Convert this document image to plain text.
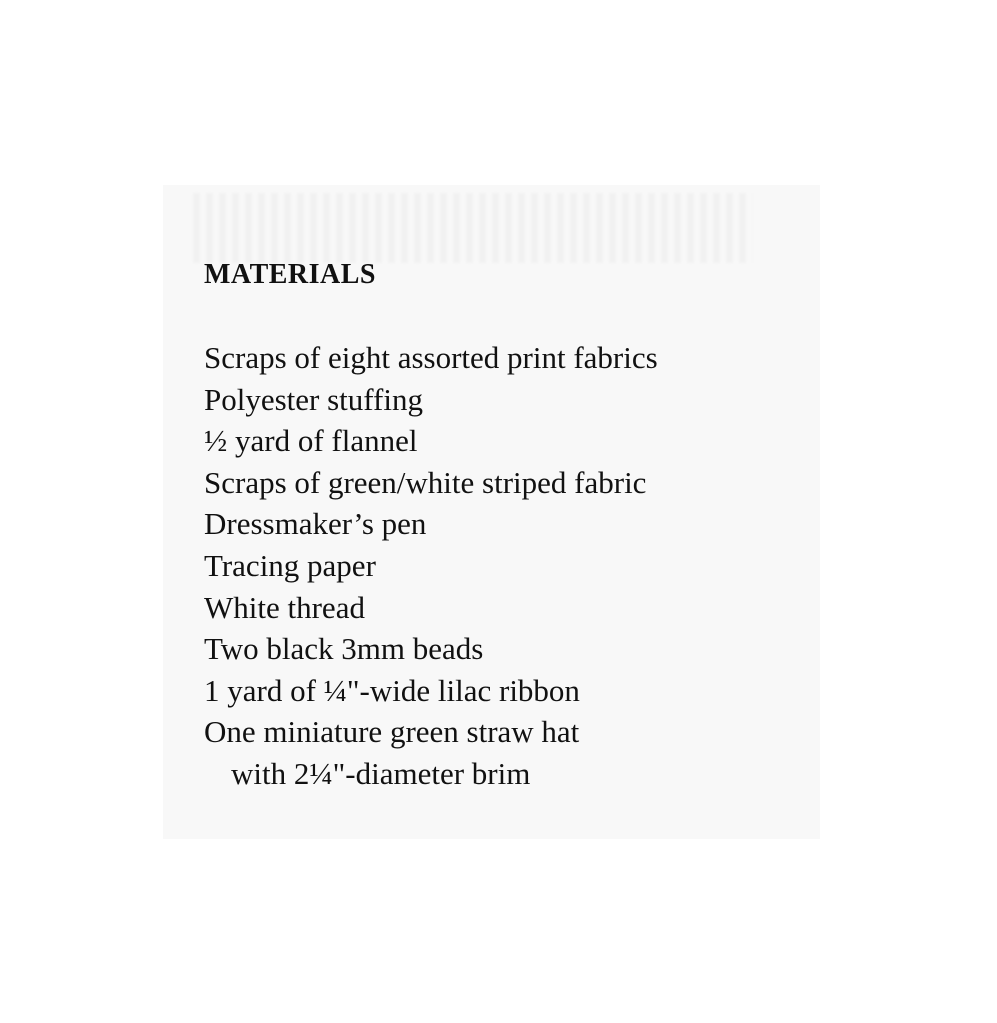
MATERIALS
Scraps of eight assorted print fabrics
Polyester stuffing
½ yard of flannel
Scraps of green/white striped fabric
Dressmaker’s pen
Tracing paper
White thread
Two black 3mm beads
1 yard of ¼"-wide lilac ribbon
One miniature green straw hat
with 2¼"-diameter brim
